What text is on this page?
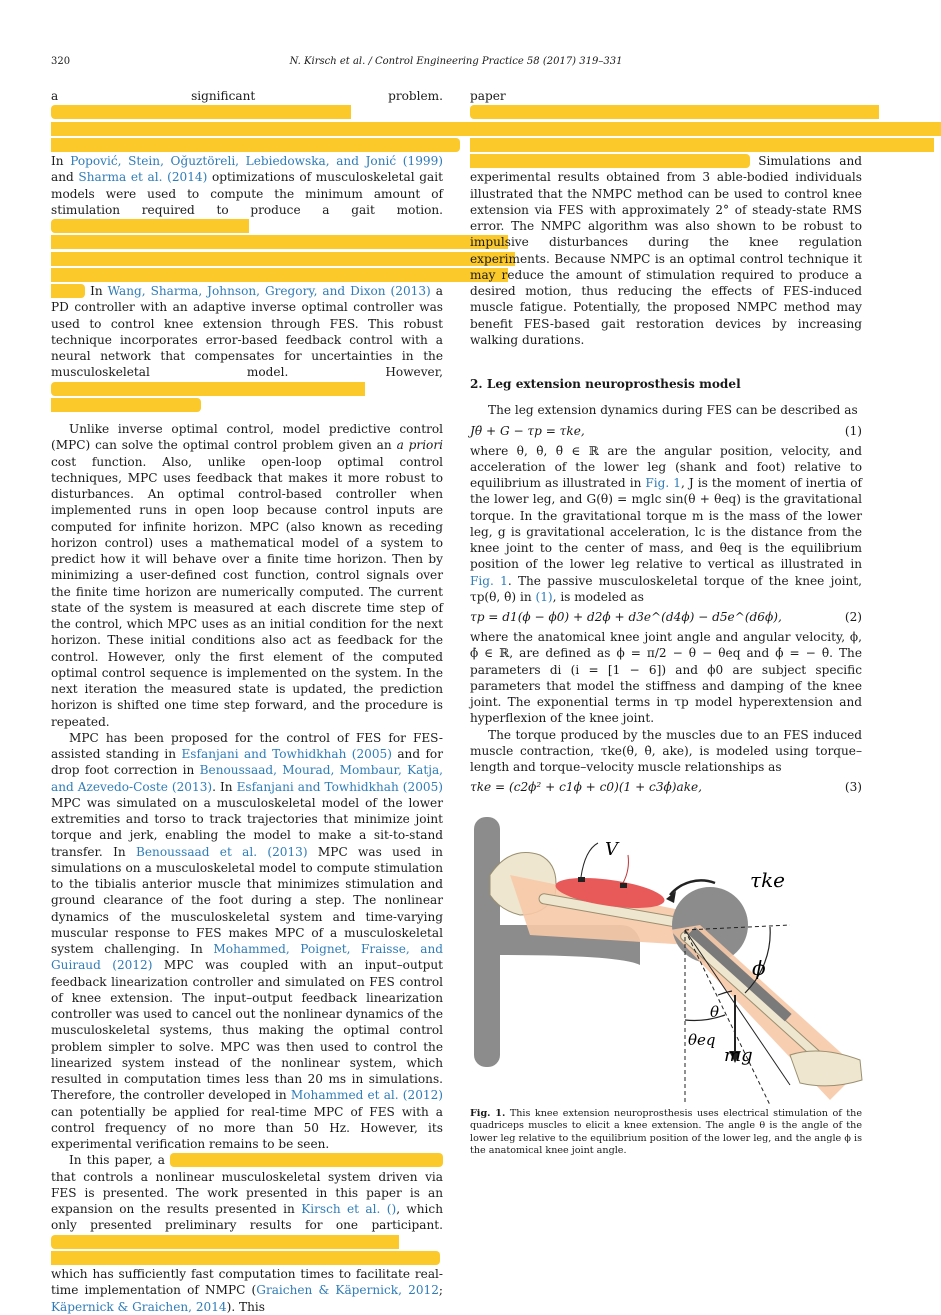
320	N. Kirsch et al. / Control Engineering Practice 58 (2017) 319–331

a significant problem. In Popović, Stein, Oğuztöreli, Lebiedowska, and Jonić (1999) and Sharma et al. (2014) optimizations of musculoskeletal gait models were used to compute the minimum amount of stimulation required to produce a gait motion. In Wang, Sharma, Johnson, Gregory, and Dixon (2013) a PD controller with an adaptive inverse optimal controller was used to control knee extension through FES. This robust technique incorporates error-based feedback control with a neural network that compensates for uncertainties in the musculoskeletal model. However,

Unlike inverse optimal control, model predictive control (MPC) can solve the optimal control problem given an a priori cost function. Also, unlike open-loop optimal control techniques, MPC uses feedback that makes it more robust to disturbances. An optimal control-based controller when implemented runs in open loop because control inputs are computed for infinite horizon. MPC (also known as receding horizon control) uses a mathematical model of a system to predict how it will behave over a finite time horizon. Then by minimizing a user-defined cost function, control signals over the finite time horizon are numerically computed. The current state of the system is measured at each discrete time step of the control, which MPC uses as an initial condition for the next horizon. These initial conditions also act as feedback for the control. However, only the first element of the computed optimal control sequence is implemented on the system. In the next iteration the measured state is updated, the prediction horizon is shifted one time step forward, and the procedure is repeated.

MPC has been proposed for the control of FES for FES-assisted standing in Esfanjani and Towhidkhah (2005) and for drop foot correction in Benoussaad, Mourad, Mombaur, Katja, and Azevedo-Coste (2013). In Esfanjani and Towhidkhah (2005) MPC was simulated on a musculoskeletal model of the lower extremities and torso to track trajectories that minimize joint torque and jerk, enabling the model to make a sit-to-stand transfer. In Benoussaad et al. (2013) MPC was used in simulations on a musculoskeletal model to compute stimulation to the tibialis anterior muscle that minimizes stimulation and ground clearance of the foot during a step. The nonlinear dynamics of the musculoskeletal system and time-varying muscular response to FES makes MPC of a musculoskeletal system challenging. In Mohammed, Poignet, Fraisse, and Guiraud (2012) MPC was coupled with an input–output feedback linearization controller and simulated on FES control of knee extension. The input–output feedback linearization controller was used to cancel out the nonlinear dynamics of the musculoskeletal systems, thus making the optimal control problem simpler to solve. MPC was then used to control the linearized system instead of the nonlinear system, which resulted in computation times less than 20 ms in simulations. Therefore, the controller developed in Mohammed et al. (2012) can potentially be applied for real-time MPC of FES with a control frequency of no more than 50 Hz. However, its experimental verification remains to be seen.

In this paper, a that controls a nonlinear musculoskeletal system driven via FES is presented. The work presented in this paper is an expansion on the results presented in Kirsch et al. (), which only presented preliminary results for one participant. which has sufficiently fast computation times to facilitate real-time implementation of NMPC (Graichen & Käpernick, 2012; Käpernick & Graichen, 2014). This

paper Simulations and experimental results obtained from 3 able-bodied individuals illustrated that the NMPC method can be used to control knee extension via FES with approximately 2° of steady-state RMS error. The NMPC algorithm was also shown to be robust to impulsive disturbances during the knee regulation experiments. Because NMPC is an optimal control technique it may reduce the amount of stimulation required to produce a desired motion, thus reducing the effects of FES-induced muscle fatigue. Potentially, the proposed NMPC method may benefit FES-based gait restoration devices by increasing walking durations.

2. Leg extension neuroprosthesis model

The leg extension dynamics during FES can be described as

Jθ̈ + G − τp = τke,	(1)

where θ, θ̇, θ̈ ∈ ℝ are the angular position, velocity, and acceleration of the lower leg (shank and foot) relative to equilibrium as illustrated in Fig. 1, J is the moment of inertia of the lower leg, and G(θ) = mglc sin(θ + θeq) is the gravitational torque. In the gravitational torque m is the mass of the lower leg, g is gravitational acceleration, lc is the distance from the knee joint to the center of mass, and θeq is the equilibrium position of the lower leg relative to vertical as illustrated in Fig. 1. The passive musculoskeletal torque of the knee joint, τp(θ, θ̇) in (1), is modeled as

τp = d1(ϕ − ϕ0) + d2ϕ̇ + d3e^(d4ϕ) − d5e^(d6ϕ),	(2)

where the anatomical knee joint angle and angular velocity, ϕ, ϕ̇ ∈ ℝ, are defined as ϕ = π/2 − θ − θeq and ϕ̇ = − θ̇. The parameters di (i = [1 − 6]) and ϕ0 are subject specific parameters that model the stiffness and damping of the knee joint. The exponential terms in τp model hyperextension and hyperflexion of the knee joint.

The torque produced by the muscles due to an FES induced muscle contraction, τke(θ, θ̇, ake), is modeled using torque–length and torque–velocity muscle relationships as

τke = (c2ϕ² + c1ϕ + c0)(1 + c3ϕ̇)ake,	(3)
V
τke
ϕ
θ
θeq
mg
Fig. 1. This knee extension neuroprosthesis uses electrical stimulation of the quadriceps muscles to elicit a knee extension. The angle θ is the angle of the lower leg relative to the equilibrium position of the lower leg, and the angle ϕ is the anatomical knee joint angle.
